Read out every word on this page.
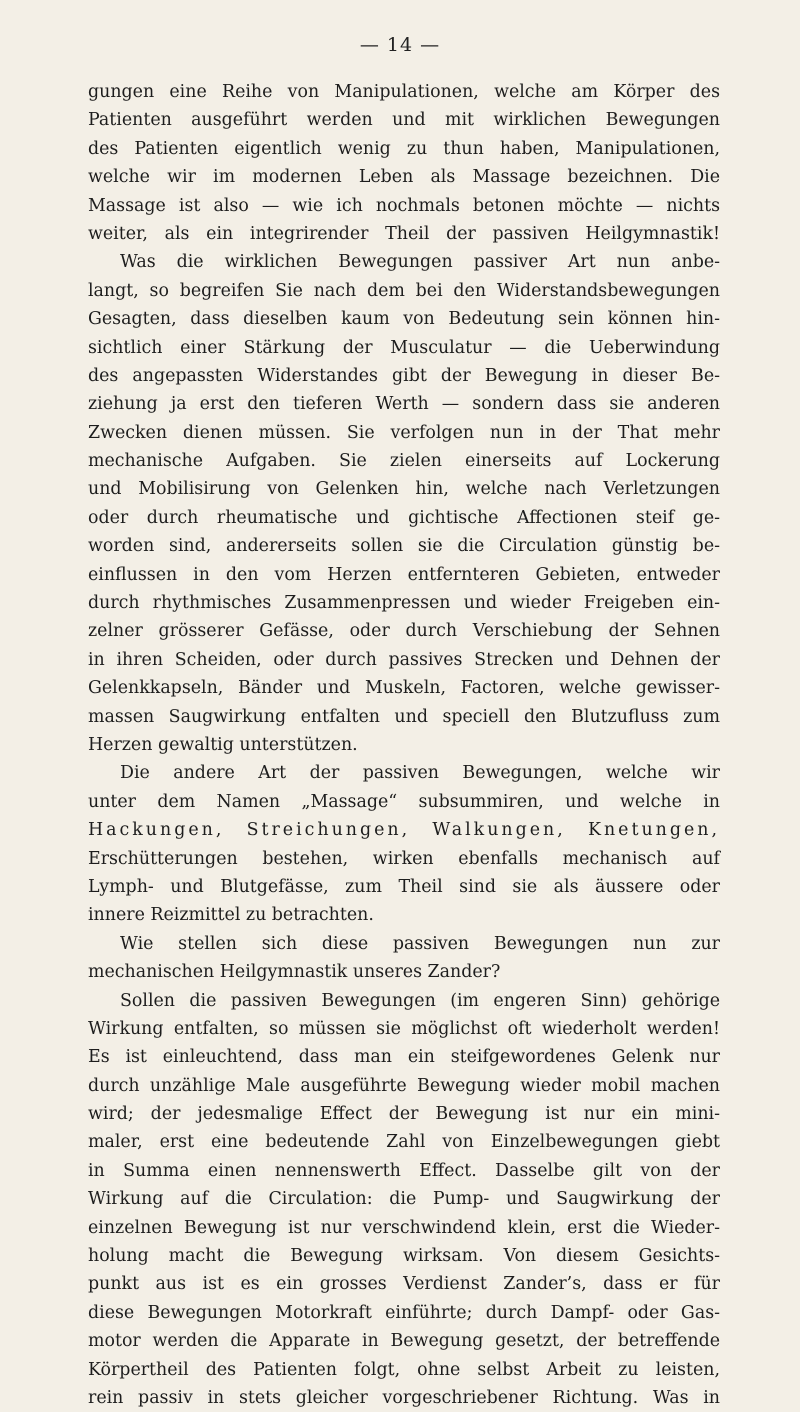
— 14 —
gungen eine Reihe von Manipulationen, welche am Körper des
Patienten ausgeführt werden und mit wirklichen Bewegungen
des Patienten eigentlich wenig zu thun haben, Manipulationen,
welche wir im modernen Leben als Massage bezeichnen. Die
Massage ist also — wie ich nochmals betonen möchte — nichts
weiter, als ein integrirender Theil der passiven Heilgymnastik!
Was die wirklichen Bewegungen passiver Art nun anbe-
langt, so begreifen Sie nach dem bei den Widerstandsbewegungen
Gesagten, dass dieselben kaum von Bedeutung sein können hin-
sichtlich einer Stärkung der Musculatur — die Ueberwindung
des angepassten Widerstandes gibt der Bewegung in dieser Be-
ziehung ja erst den tieferen Werth — sondern dass sie anderen
Zwecken dienen müssen. Sie verfolgen nun in der That mehr
mechanische Aufgaben. Sie zielen einerseits auf Lockerung
und Mobilisirung von Gelenken hin, welche nach Verletzungen
oder durch rheumatische und gichtische Affectionen steif ge-
worden sind, andererseits sollen sie die Circulation günstig be-
einflussen in den vom Herzen entfernteren Gebieten, entweder
durch rhythmisches Zusammenpressen und wieder Freigeben ein-
zelner grösserer Gefässe, oder durch Verschiebung der Sehnen
in ihren Scheiden, oder durch passives Strecken und Dehnen der
Gelenkkapseln, Bänder und Muskeln, Factoren, welche gewisser-
massen Saugwirkung entfalten und speciell den Blutzufluss zum
Herzen gewaltig unterstützen.
Die andere Art der passiven Bewegungen, welche wir
unter dem Namen „Massage“ subsummiren, und welche in
Hackungen, Streichungen, Walkungen, Knetungen,
Erschütterungen bestehen, wirken ebenfalls mechanisch auf
Lymph- und Blutgefässe, zum Theil sind sie als äussere oder
innere Reizmittel zu betrachten.
Wie stellen sich diese passiven Bewegungen nun zur
mechanischen Heilgymnastik unseres Zander?
Sollen die passiven Bewegungen (im engeren Sinn) gehörige
Wirkung entfalten, so müssen sie möglichst oft wiederholt werden!
Es ist einleuchtend, dass man ein steifgewordenes Gelenk nur
durch unzählige Male ausgeführte Bewegung wieder mobil machen
wird; der jedesmalige Effect der Bewegung ist nur ein mini-
maler, erst eine bedeutende Zahl von Einzelbewegungen giebt
in Summa einen nennenswerth Effect. Dasselbe gilt von der
Wirkung auf die Circulation: die Pump- und Saugwirkung der
einzelnen Bewegung ist nur verschwindend klein, erst die Wieder-
holung macht die Bewegung wirksam. Von diesem Gesichts-
punkt aus ist es ein grosses Verdienst Zander’s, dass er für
diese Bewegungen Motorkraft einführte; durch Dampf- oder Gas-
motor werden die Apparate in Bewegung gesetzt, der betreffende
Körpertheil des Patienten folgt, ohne selbst Arbeit zu leisten,
rein passiv in stets gleicher vorgeschriebener Richtung. Was in
